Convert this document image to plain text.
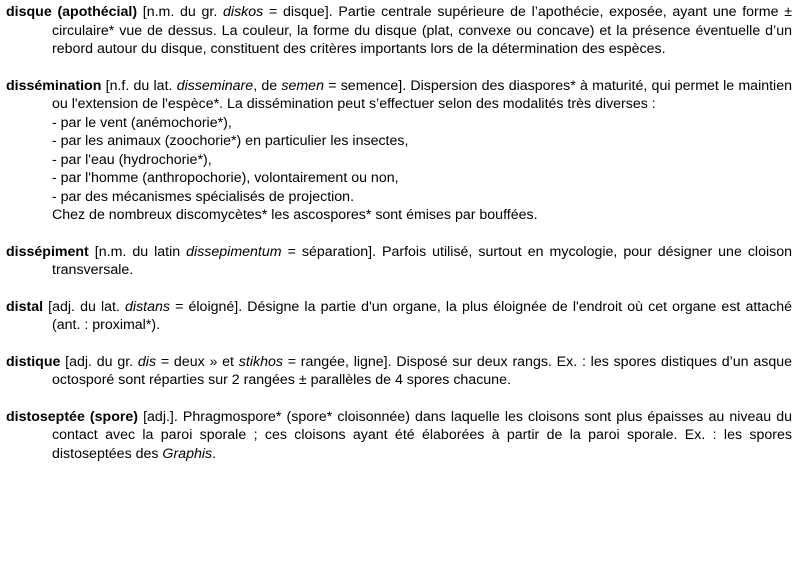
disque (apothécial) [n.m. du gr. diskos = disque]. Partie centrale supérieure de l’apothécie, exposée, ayant une forme ± circulaire* vue de dessus. La couleur, la forme du disque (plat, convexe ou concave) et la présence éventuelle d’un rebord autour du disque, constituent des critères importants lors de la détermination des espèces.

dissémination [n.f. du lat. disseminare, de semen = semence]. Dispersion des diaspores* à maturité, qui permet le maintien ou l'extension de l'espèce*. La dissémination peut s’effectuer selon des modalités très diverses :
- par le vent (anémochorie*),
- par les animaux (zoochorie*) en particulier les insectes,
- par l'eau (hydrochorie*),
- par l'homme (anthropochorie), volontairement ou non,
- par des mécanismes spécialisés de projection.
Chez de nombreux discomycètes* les ascospores* sont émises par bouffées.

dissépiment [n.m. du latin dissepimentum = séparation]. Parfois utilisé, surtout en mycologie, pour désigner une cloison transversale.

distal [adj. du lat. distans = éloigné]. Désigne la partie d'un organe, la plus éloignée de l'endroit où cet organe est attaché (ant. : proximal*).

distique [adj. du gr. dis = deux » et stikhos = rangée, ligne]. Disposé sur deux rangs. Ex. : les spores distiques d’un asque octosporé sont réparties sur 2 rangées ± parallèles de 4 spores chacune.

distoseptée (spore) [adj.]. Phragmospore* (spore* cloisonnée) dans laquelle les cloisons sont plus épaisses au niveau du contact avec la paroi sporale ; ces cloisons ayant été élaborées à partir de la paroi sporale. Ex. : les spores distoseptées des Graphis.
